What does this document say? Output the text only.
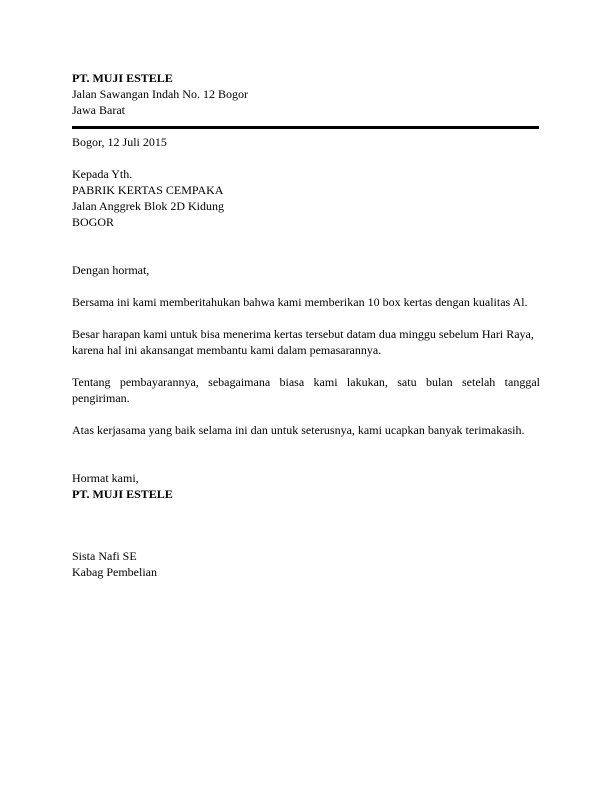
PT. MUJI ESTELE
Jalan Sawangan Indah No. 12 Bogor
Jawa Barat
Bogor, 12 Juli 2015
Kepada Yth.
PABRIK KERTAS CEMPAKA
Jalan Anggrek Blok 2D Kidung
BOGOR
Dengan hormat,
Bersama ini kami memberitahukan bahwa kami memberikan 10 box kertas dengan kualitas Al.
Besar harapan kami untuk bisa menerima kertas tersebut datam dua minggu sebelum Hari Raya,
karena hal ini akansangat membantu kami dalam pemasarannya.
Tentang pembayarannya, sebagaimana biasa kami lakukan, satu bulan setelah tanggal
pengiriman.
Atas kerjasama yang baik selama ini dan untuk seterusnya, kami ucapkan banyak terimakasih.
Hormat kami,
PT. MUJI ESTELE
Sista Nafi SE
Kabag Pembelian
